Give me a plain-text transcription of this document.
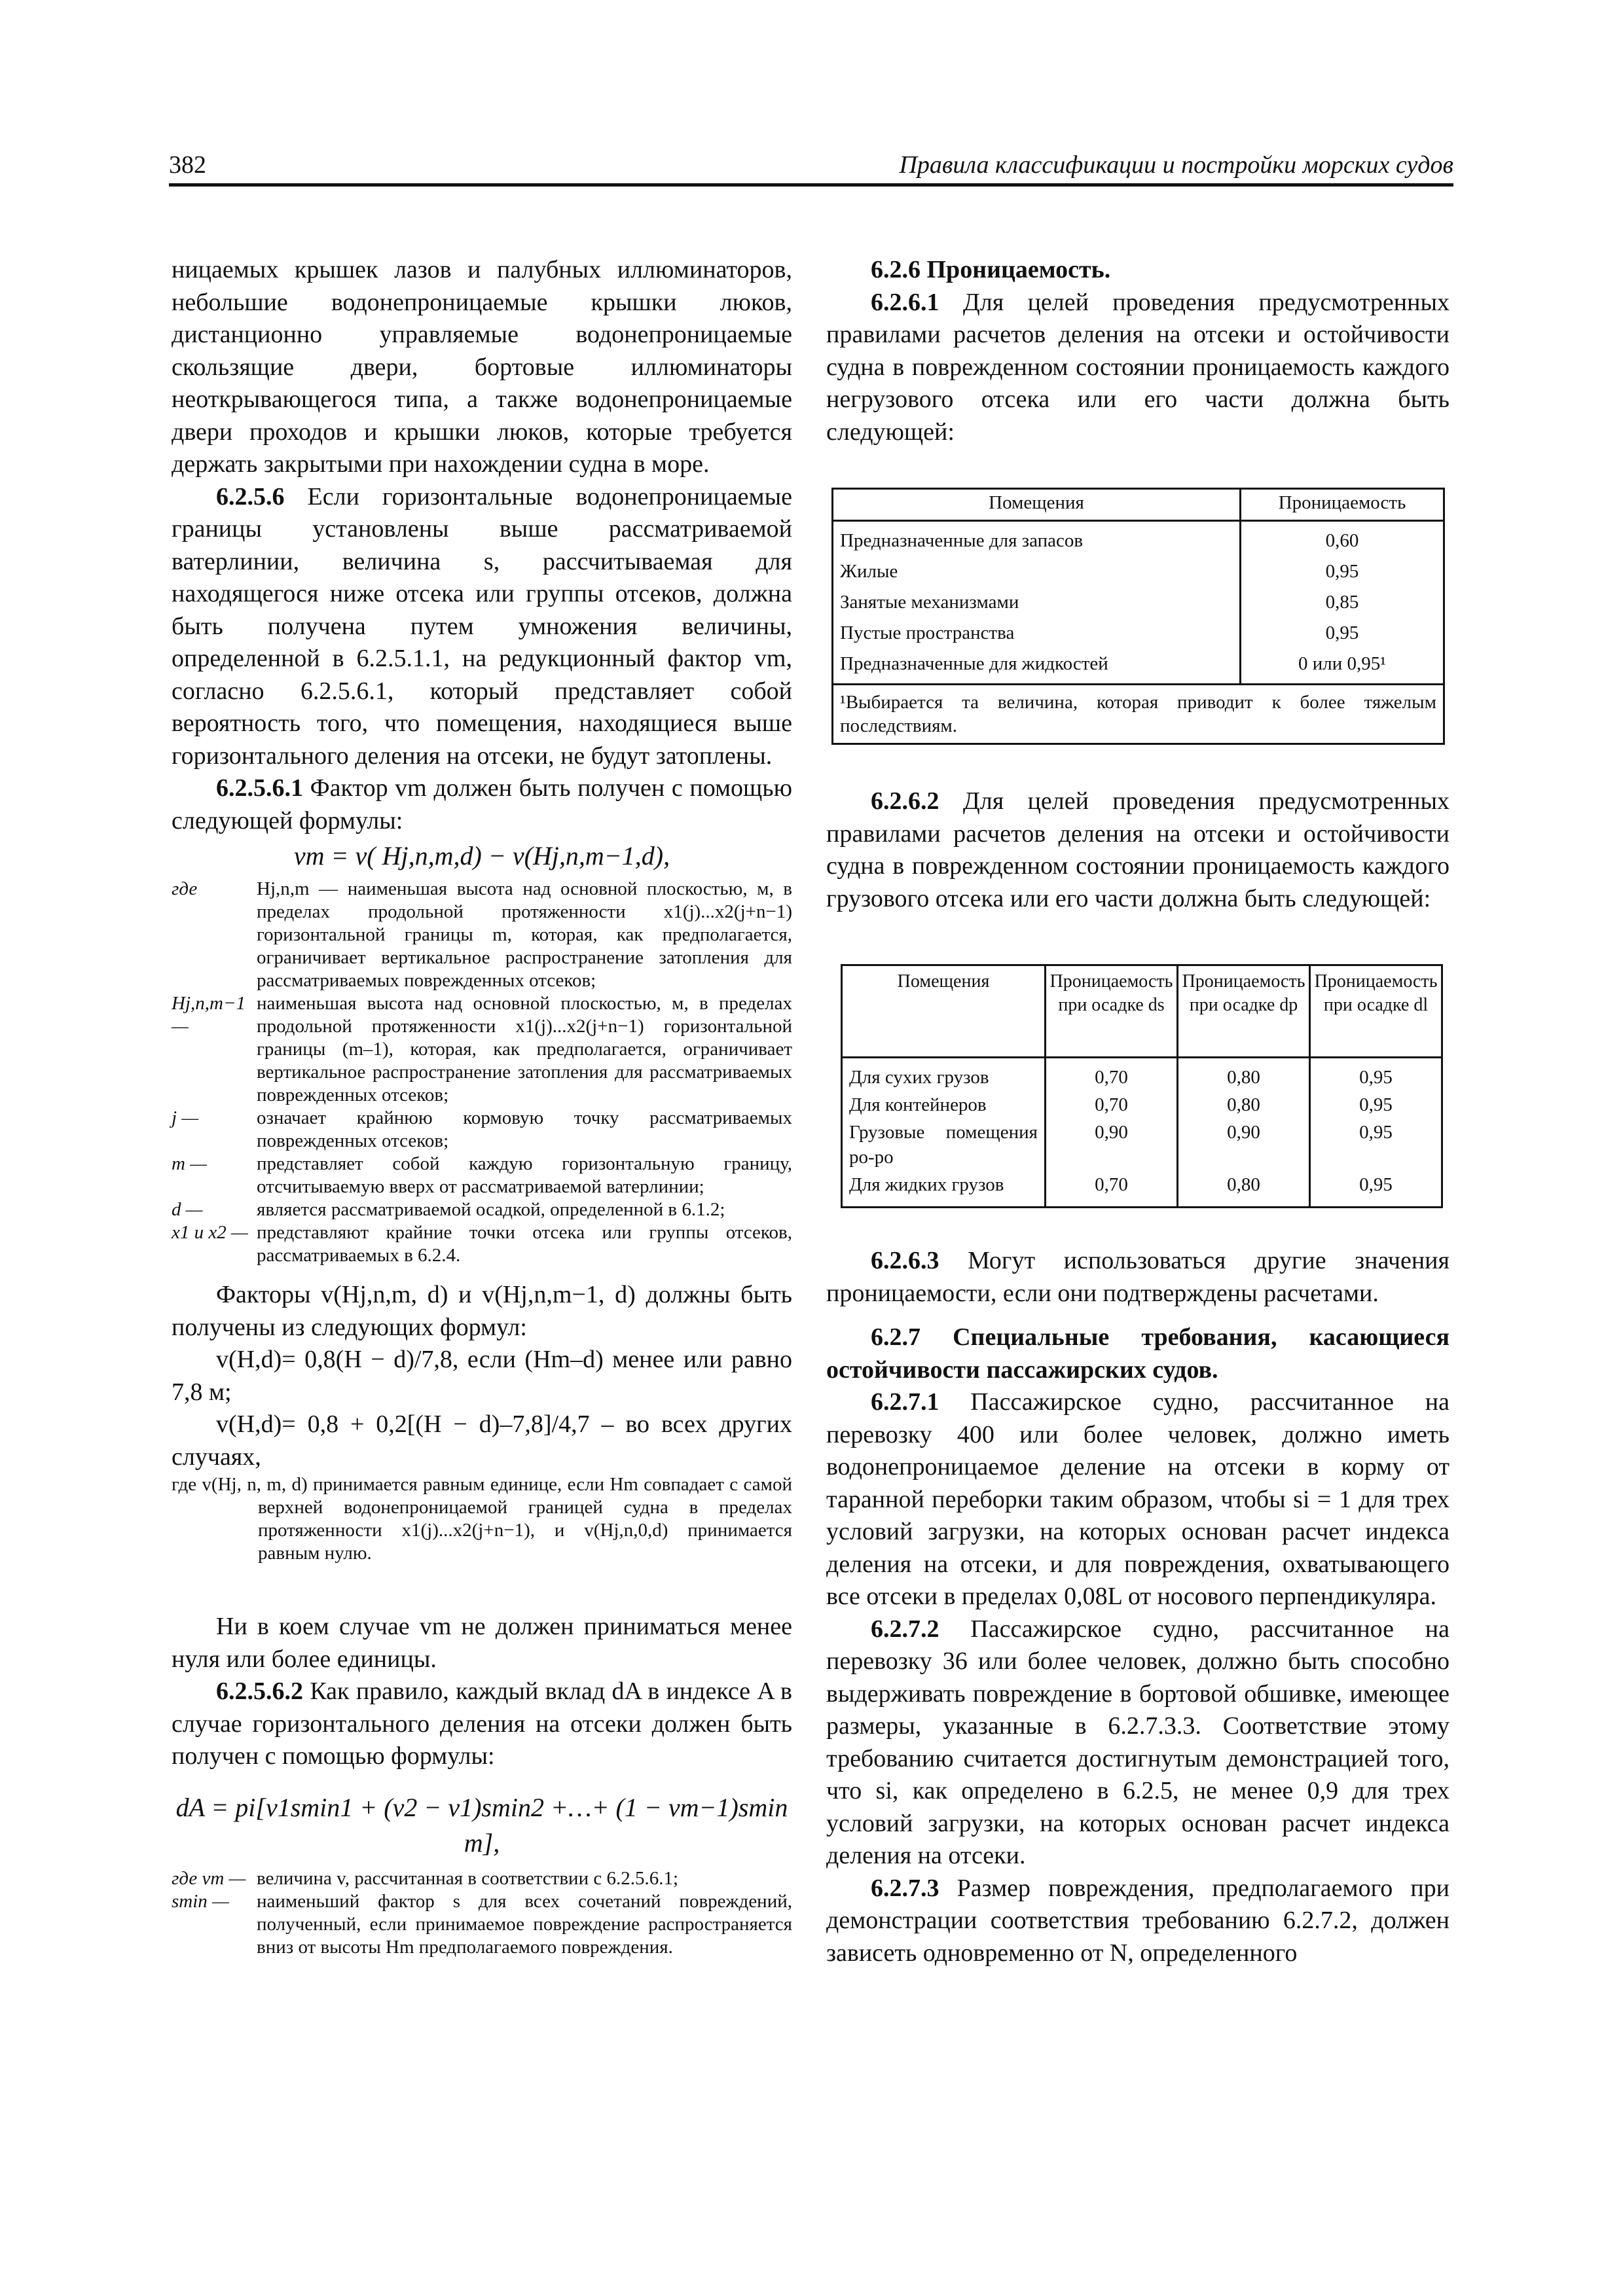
382	Правила классификации и постройки морских судов

ницаемых крышек лазов и палубных иллюминаторов, небольшие водонепроницаемые крышки люков, дистанционно управляемые водонепроницаемые скользящие двери, бортовые иллюминаторы неоткрывающегося типа, а также водонепроницаемые двери проходов и крышки люков, которые требуется держать закрытыми при нахождении судна в море.

6.2.5.6 Если горизонтальные водонепроницаемые границы установлены выше рассматриваемой ватерлинии, величина s, рассчитываемая для находящегося ниже отсека или группы отсеков, должна быть получена путем умножения величины, определенной в 6.2.5.1.1, на редукционный фактор vm, согласно 6.2.5.6.1, который представляет собой вероятность того, что помещения, находящиеся выше горизонтального деления на отсеки, не будут затоплены.

6.2.5.6.1 Фактор vm должен быть получен с помощью следующей формулы:

vm = v( Hj,n,m,d) − v(Hj,n,m−1,d),
где	Hj,n,m — наименьшая высота над основной плоскостью, м, в пределах продольной протяженности x1(j)...x2(j+n−1) горизонтальной границы m, которая, как предполагается, ограничивает вертикальное распространение затопления для рассматриваемых поврежденных отсеков;
Hj,n,m−1 —
наименьшая высота над основной плоскостью, м, в пределах продольной протяженности x1(j)...x2(j+n−1) горизонтальной границы (m–1), которая, как предполагается, ограничивает вертикальное распространение затопления для рассматриваемых поврежденных отсеков;
j —	означает крайнюю кормовую точку рассматриваемых поврежденных отсеков;
m —	представляет собой каждую горизонтальную границу, отсчитываемую вверх от рассматриваемой ватерлинии;
d —	является рассматриваемой осадкой, определенной в 6.1.2;
x1 и x2 — представляют крайние точки отсека или группы отсеков, рассматриваемых в 6.2.4.

Факторы v(Hj,n,m, d) и v(Hj,n,m−1, d) должны быть получены из следующих формул:

v(H,d)= 0,8(H − d)/7,8, если (Hm–d) менее или равно 7,8 м;

v(H,d)= 0,8 + 0,2[(H − d)–7,8]/4,7 – во всех других случаях,

где v(Hj, n, m, d) принимается равным единице, если Hm совпадает с самой верхней водонепроницаемой границей судна в пределах протяженности x1(j)...x2(j+n−1), и v(Hj,n,0,d) принимается равным нулю.

Ни в коем случае vm не должен приниматься менее нуля или более единицы.

6.2.5.6.2 Как правило, каждый вклад dA в индексе A в случае горизонтального деления на отсеки должен быть получен с помощью формулы:

dA = pi[v1smin1 + (v2 − v1)smin2 +…+ (1 − vm−1)smin m],
где vm — величина v, рассчитанная в соответствии с 6.2.5.6.1;
smin —	наименьший фактор s для всех сочетаний повреждений, полученный, если принимаемое повреждение распространяется вниз от высоты Hm предполагаемого повреждения.

6.2.6 Проницаемость.

6.2.6.1 Для целей проведения предусмотренных правилами расчетов деления на отсеки и остойчивости судна в поврежденном состоянии проницаемость каждого негрузового отсека или его части должна быть следующей:

Помещения	Проницаемость
Предназначенные для запасов	0,60
Жилые	0,95
Занятые механизмами	0,85
Пустые пространства	0,95
Предназначенные для жидкостей	0 или 0,95¹
¹Выбирается та величина, которая приводит к более тяжелым последствиям.	

6.2.6.2 Для целей проведения предусмотренных правилами расчетов деления на отсеки и остойчивости судна в поврежденном состоянии проницаемость каждого грузового отсека или его части должна быть следующей:

Помещения	Проницаемость при осадке ds	Проницаемость при осадке dp	Проницаемость при осадке dl
Для сухих грузов	0,70	0,80	0,95
Для контейнеров	0,70	0,80	0,95
Грузовые помещения ро-ро	0,90	0,90	0,95
Для жидких грузов	0,70	0,80	0,95

6.2.6.3 Могут использоваться другие значения проницаемости, если они подтверждены расчетами.

6.2.7 Специальные требования, касающиеся остойчивости пассажирских судов.

6.2.7.1 Пассажирское судно, рассчитанное на перевозку 400 или более человек, должно иметь водонепроницаемое деление на отсеки в корму от таранной переборки таким образом, чтобы si = 1 для трех условий загрузки, на которых основан расчет индекса деления на отсеки, и для повреждения, охватывающего все отсеки в пределах 0,08L от носового перпендикуляра.

6.2.7.2 Пассажирское судно, рассчитанное на перевозку 36 или более человек, должно быть способно выдерживать повреждение в бортовой обшивке, имеющее размеры, указанные в 6.2.7.3.3. Соответствие этому требованию считается достигнутым демонстрацией того, что si, как определено в 6.2.5, не менее 0,9 для трех условий загрузки, на которых основан расчет индекса деления на отсеки.

6.2.7.3 Размер повреждения, предполагаемого при демонстрации соответствия требованию 6.2.7.2, должен зависеть одновременно от N, определенного
